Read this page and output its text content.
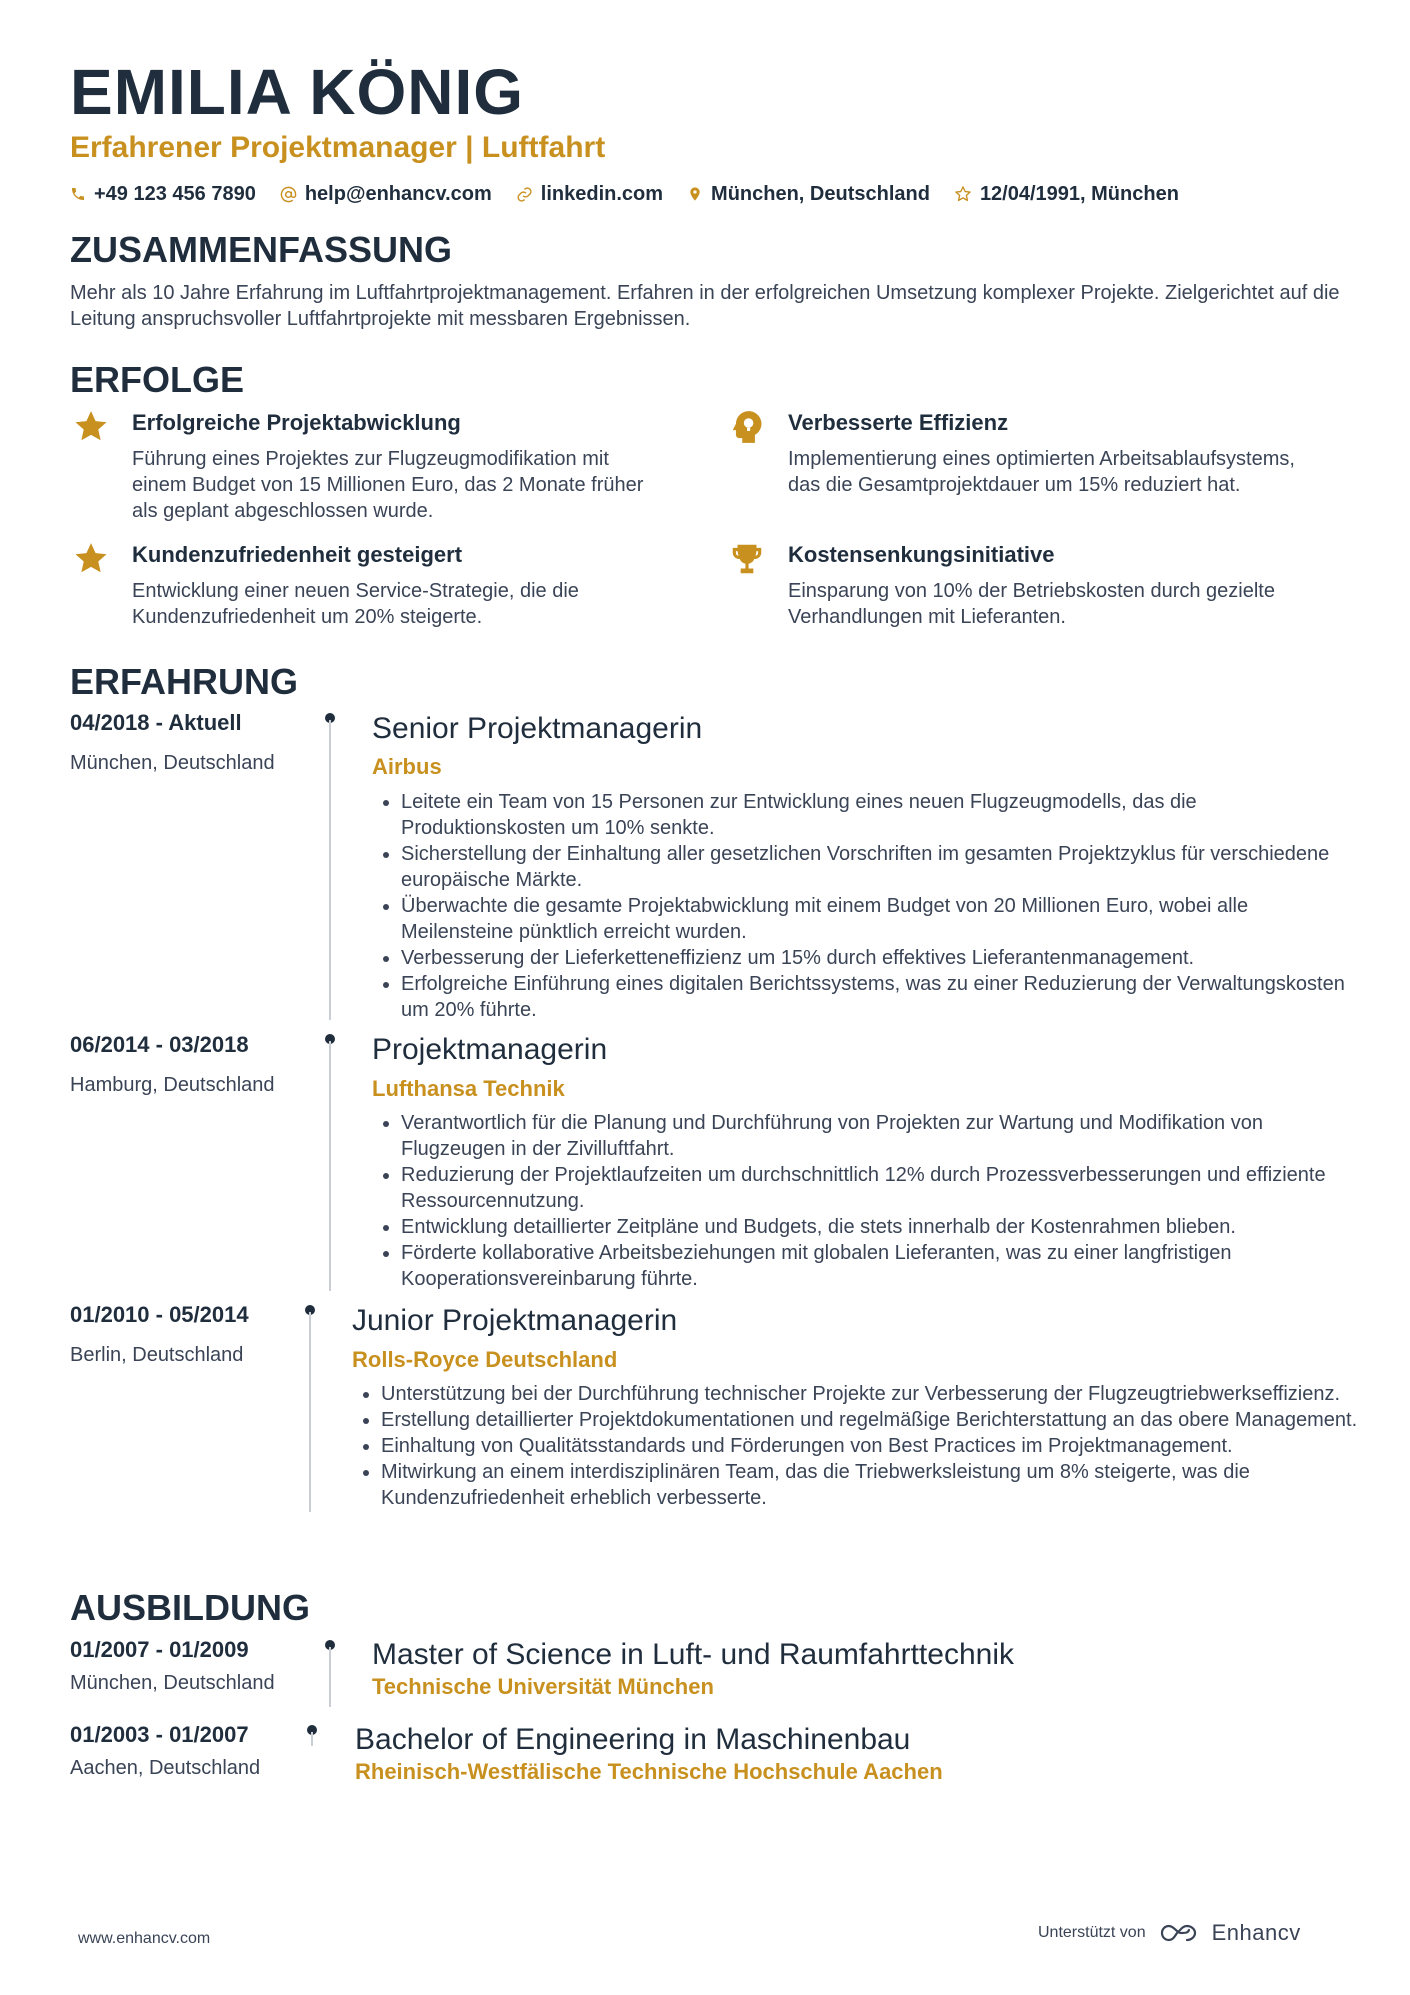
EMILIA KÖNIG
Erfahrener Projektmanager | Luftfahrt
+49 123 456 7890 help@enhancv.com linkedin.com München, Deutschland	12/04/1991, München
ZUSAMMENFASSUNG

Mehr als 10 Jahre Erfahrung im Luftfahrtprojektmanagement. Erfahren in der erfolgreichen Umsetzung komplexer Projekte. Zielgerichtet auf die Leitung anspruchsvoller Luftfahrtprojekte mit messbaren Ergebnissen.

ERFOLGE
Erfolgreiche Projektabwicklung
Führung eines Projektes zur Flugzeugmodifikation mit einem Budget von 15 Millionen Euro, das 2 Monate früher als geplant abgeschlossen wurde.
Verbesserte Effizienz
Implementierung eines optimierten Arbeitsablaufsystems, das die Gesamtprojektdauer um 15% reduziert hat.
Kundenzufriedenheit gesteigert
Entwicklung einer neuen Service-Strategie, die die Kundenzufriedenheit um 20% steigerte.
Kostensenkungsinitiative
Einsparung von 10% der Betriebskosten durch gezielte Verhandlungen mit Lieferanten.
ERFAHRUNG
04/2018 - Aktuell
München, Deutschland
Senior Projektmanagerin
Airbus
• Leitete ein Team von 15 Personen zur Entwicklung eines neuen Flugzeugmodells, das die Produktionskosten um 10% senkte.
• Sicherstellung der Einhaltung aller gesetzlichen Vorschriften im gesamten Projektzyklus für verschiedene europäische Märkte.
• Überwachte die gesamte Projektabwicklung mit einem Budget von 20 Millionen Euro, wobei alle Meilensteine pünktlich erreicht wurden.
• Verbesserung der Lieferketteneffizienz um 15% durch effektives Lieferantenmanagement.
• Erfolgreiche Einführung eines digitalen Berichtssystems, was zu einer Reduzierung der Verwaltungskosten um 20% führte.
06/2014 - 03/2018
Hamburg, Deutschland
Projektmanagerin
Lufthansa Technik
• Verantwortlich für die Planung und Durchführung von Projekten zur Wartung und Modifikation von Flugzeugen in der Zivilluftfahrt.
• Reduzierung der Projektlaufzeiten um durchschnittlich 12% durch Prozessverbesserungen und effiziente Ressourcennutzung.
• Entwicklung detaillierter Zeitpläne und Budgets, die stets innerhalb der Kostenrahmen blieben.
• Förderte kollaborative Arbeitsbeziehungen mit globalen Lieferanten, was zu einer langfristigen Kooperationsvereinbarung führte.
01/2010 - 05/2014
Berlin, Deutschland
Junior Projektmanagerin
Rolls-Royce Deutschland
• Unterstützung bei der Durchführung technischer Projekte zur Verbesserung der Flugzeugtriebwerkseffizienz.
• Erstellung detaillierter Projektdokumentationen und regelmäßige Berichterstattung an das obere Management.
• Einhaltung von Qualitätsstandards und Förderungen von Best Practices im Projektmanagement.
• Mitwirkung an einem interdisziplinären Team, das die Triebwerksleistung um 8% steigerte, was die Kundenzufriedenheit erheblich verbesserte.
AUSBILDUNG
01/2007 - 01/2009
München, Deutschland
Master of Science in Luft- und Raumfahrttechnik
Technische Universität München
01/2003 - 01/2007
Aachen, Deutschland
Bachelor of Engineering in Maschinenbau
Rheinisch-Westfälische Technische Hochschule Aachen
www.enhancv.com	Unterstützt von	Enhancv
